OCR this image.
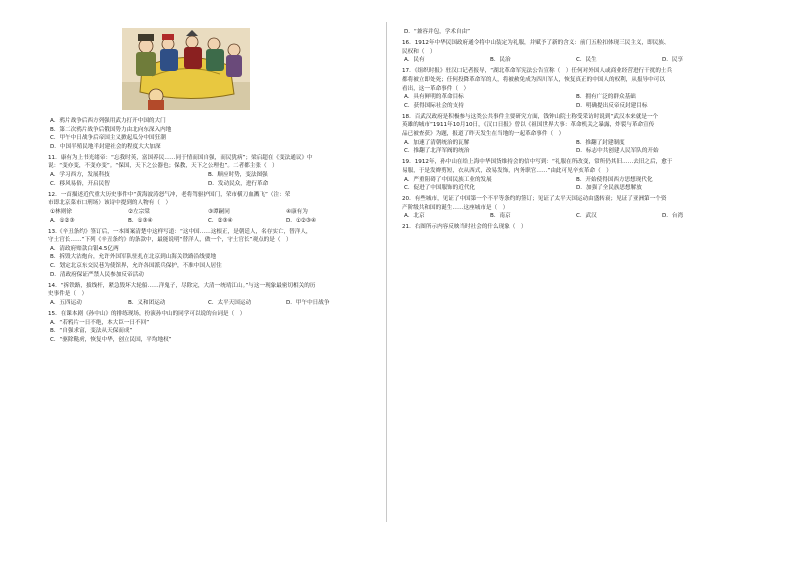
A．鸦片战争后西方列强用武力打开中国的大门

B．第二次鸦片战争后俄国势力由北向东深入内地

C．甲午中日战争后帝国主义掀起瓜分中国狂潮

D．中国半殖民地半封建社会的程度大大加深

11．康有为上书光绪帝：“忘我时英，富国养民……同于情而国自强，而民犹病”；梁启超在《变法通议》中

说：“变亦变，不变亦变”。“保国，天下之公器也；保教，天下之公理也”。二者都主张（　）

A．学习西方，发展科技	B．顺应时势，变法图强
C．移风易俗，开启民智	D．发动民众，进行革命

12．一首描述近代重大历史事件中“黄海波涛怒气冲，老将驾驱护国门，荣市横刀血溅飞”（注：荣

市即北京菜市口刑场）该诗中提到的人物有（　）

①林则徐	②左宗棠	③谭嗣同	④康有为
A．①②③	B．①③④	C．②③④	D．①②③④

13.《辛丑条约》签订后，一本图案清楚中这样写道：“这中国……这根正，是朝廷人，名存实亡，替洋人，

守土官长……”下列《辛丑条约》的条款中，最能说明“替洋人，做一个，守土官长”观点的是（　）

A．清政府赔款白银4.5亿两

B．拆毁大沽炮台，允许外国军队驻扎在北京到山海关铁路沿线要地

C．划定北京东交民巷为使馆界，允许各国派兵保护，不准中国人居住

D．清政府保证严禁人民参加反帝活动

14．“拆铁路，拔线杆，紧急毁坏大轮船……洋鬼子，尽除完，大清一统靖江山。”与这一现象最密切相关的历

史事件是（　）

A．五四运动	B．义和团运动	C．太平天国运动	D．甲午中日战争

15．在课本剧《孙中山》的排练现场，扮演孙中山的同学可以说的台词是（　）

A．“若鸦片一日不绝，本大臣一日不回”

B．“自强求富，变法从天保而成”

C．“驱除鞑虏，恢复中华，创立民国，平均地权”

D．“兼容并包，学术自由”

16．1912年中华民国政府通令将中山装定为礼服，并赋予了新的含义：前门五粒扣体现三民主义，即民族、

民权和（　）

A．民有	B．民治	C．民生	D．民享

17．《组织时报》驻汉口记者报导，“湖北革命军宪法公告宣称（　）任何对外国人或商业经营进行干扰的士兵

都将被立即处死；任何投降革命军的人，将被赦免成为四川军人，恢复真正的中国人的权利，从报导中可以

看出，这一革命事件（　）

A．具有鲜明的革命目标	B．拥有广泛的群众基础
C．获得国际社会的支持	D．明确提出反帝反封建目标

18．百武汉政府是积极参与这类公共事件主要研究方面，钱钟山院士称受采访时说到“武汉本来就是一个

英雄的城市”1911年10月10日，《汉口日报》曾以《祖国世界大事：革命机关之暴露，炸裂与革命宣传

品已被查获》为题，报道了昨天发生在当地的一起革命事件（　）

A．加速了清朝统治的瓦解	B．推翻了封建制度
C．推翻了北洋军阀的统治	D．标志中共创建人民军队的开始

19．1912年，孙中山在给上海中华国货维持会的信中写到：“礼服在所改变，常所仍其旧……去旧之后，愈于

易服，于是发辫剪短，衣从西式，改易发饰，内务职官……”由此可见辛亥革命（　）

A．严重阻碍了中国民族工业的发展	B．开始使得国西方思想现代化
C．促进了中国服饰的近代化	D．加强了全民族思想解放

20．有些城市，见证了中国第一个不平等条约的签订；见证了太平天国运动由盛转衰；见证了亚洲第一个资

产阶级共和国的诞生……这座城市是（　）

A．北京	B．南京	C．武汉	D．台湾

21．右图所示内容反映当时社会的什么现象（　）
